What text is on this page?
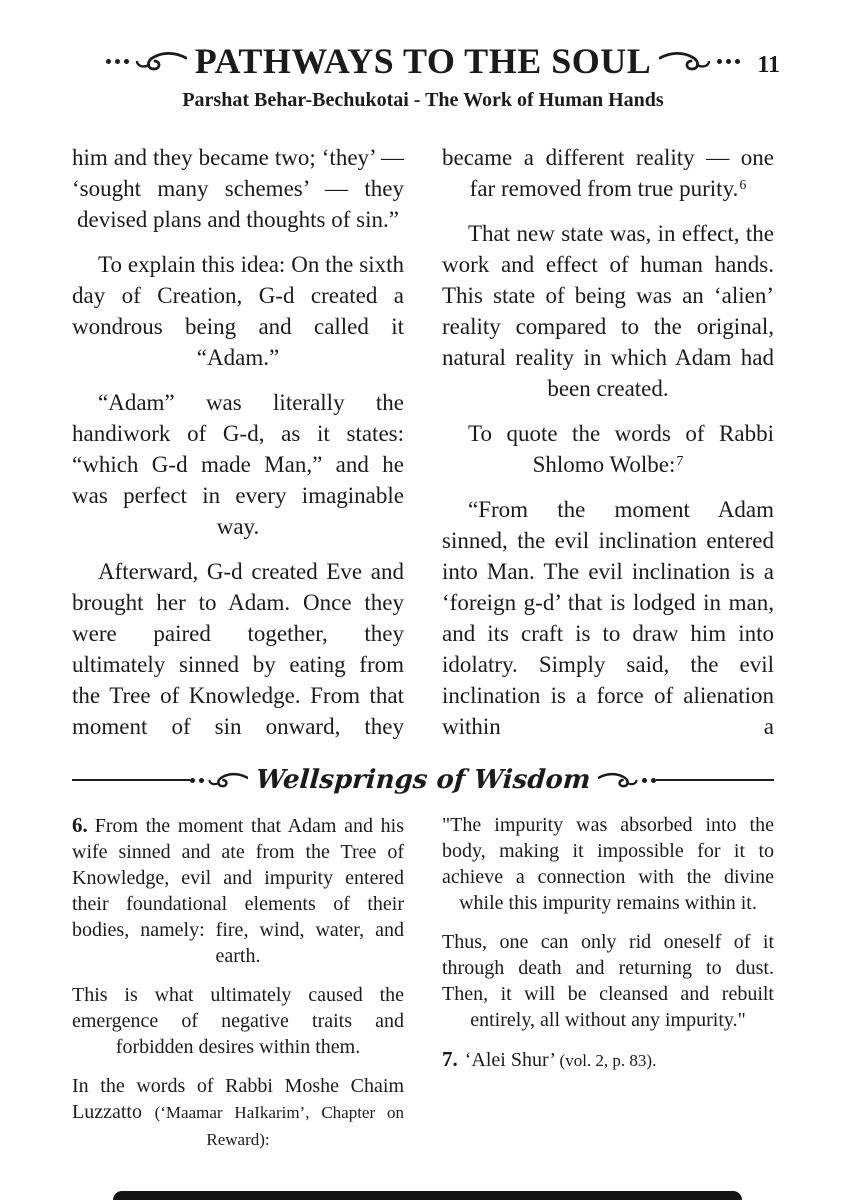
PATHWAYS TO THE SOUL	11
Parshat Behar-Bechukotai - The Work of Human Hands

him and they became two; ‘they’ — ‘sought many schemes’ — they devised plans and thoughts of sin.”

To explain this idea: On the sixth day of Creation, G-d created a wondrous being and called it “Adam.”

“Adam” was literally the handiwork of G-d, as it states: “which G-d made Man,” and he was perfect in every imaginable way.

Afterward, G-d created Eve and brought her to Adam. Once they were paired together, they ultimately sinned by eating from the Tree of Knowledge. From that moment of sin onward, they

became a different reality — one far removed from true purity.$^6$

That new state was, in effect, the work and effect of human hands. This state of being was an ‘alien’ reality compared to the original, natural reality in which Adam had been created.

To quote the words of Rabbi Shlomo Wolbe:$^7$

“From the moment Adam sinned, the evil inclination entered into Man. The evil inclination is a ‘foreign g-d’ that is lodged in man, and its craft is to draw him into idolatry. Simply said, the evil inclination is a force of alienation within a

Wellsprings of Wisdom

6. From the moment that Adam and his wife sinned and ate from the Tree of Knowledge, evil and impurity entered their foundational elements of their bodies, namely: fire, wind, water, and earth.

This is what ultimately caused the emergence of negative traits and forbidden desires within them.

In the words of Rabbi Moshe Chaim Luzzatto (‘Maamar HaIkarim’, Chapter on Reward):

"The impurity was absorbed into the body, making it impossible for it to achieve a connection with the divine while this impurity remains within it.

Thus, one can only rid oneself of it through death and returning to dust. Then, it will be cleansed and rebuilt entirely, all without any impurity."

7. ‘Alei Shur’ (vol. 2, p. 83).
